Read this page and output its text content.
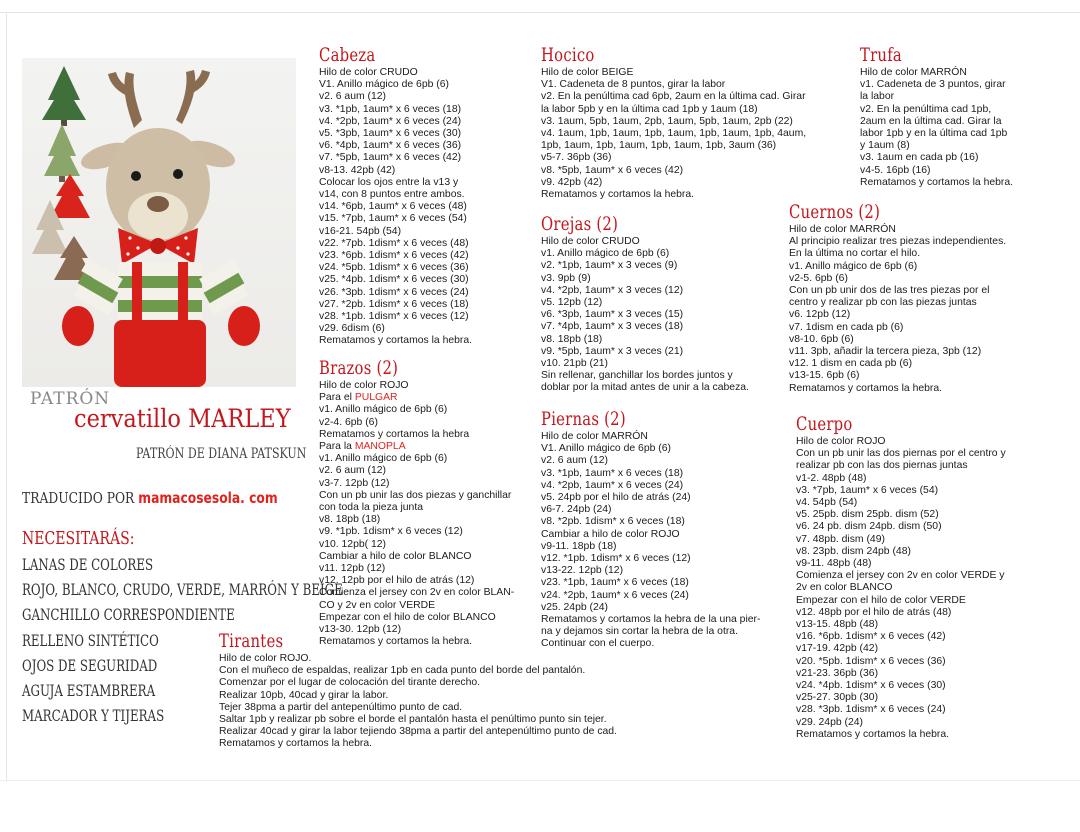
PATRÓN
cervatillo MARLEY
PATRÓN DE DIANA PATSKUN
TRADUCIDO POR mamacosesola. com
NECESITARÁS:
LANAS DE COLORES
ROJO, BLANCO, CRUDO, VERDE, MARRÓN Y BEIGE
GANCHILLO CORRESPONDIENTE
RELLENO SINTÉTICO
OJOS DE SEGURIDAD
AGUJA ESTAMBRERA
MARCADOR Y TIJERAS
Cabeza
Hilo de color CRUDO
V1. Anillo mágico de 6pb (6)
v2. 6 aum (12)
v3. *1pb, 1aum* x 6 veces (18)
v4. *2pb, 1aum* x 6 veces (24)
v5. *3pb, 1aum* x 6 veces (30)
v6. *4pb, 1aum* x 6 veces (36)
v7. *5pb, 1aum* x 6 veces (42)
v8-13. 42pb (42)
Colocar los ojos entre la v13 y
v14, con 8 puntos entre ambos.
v14. *6pb, 1aum* x 6 veces (48)
v15. *7pb, 1aum* x 6 veces (54)
v16-21. 54pb (54)
v22. *7pb. 1dism* x 6 veces (48)
v23. *6pb. 1dism* x 6 veces (42)
v24. *5pb. 1dism* x 6 veces (36)
v25. *4pb. 1dism* x 6 veces (30)
v26. *3pb. 1dism* x 6 veces (24)
v27. *2pb. 1dism* x 6 veces (18)
v28. *1pb. 1dism* x 6 veces (12)
v29. 6dism (6)
Rematamos y cortamos la hebra.
Brazos (2)
Hilo de color ROJO
Para el PULGAR
v1. Anillo mágico de 6pb (6)
v2-4. 6pb (6)
Rematamos y cortamos la hebra
Para la MANOPLA
v1. Anillo mágico de 6pb (6)
v2. 6 aum (12)
v3-7. 12pb (12)
Con un pb unir las dos piezas y ganchillar
con toda la pieza junta
v8. 18pb (18)
v9. *1pb. 1dism* x 6 veces (12)
v10. 12pb( 12)
Cambiar a hilo de color BLANCO
v11. 12pb (12)
v12. 12pb por el hilo de atrás (12)
Comienza el jersey con 2v en color BLAN-
CO y 2v en color VERDE
Empezar con el hilo de color BLANCO
v13-30. 12pb (12)
Rematamos y cortamos la hebra.
Tirantes
Hilo de color ROJO.
Con el muñeco de espaldas, realizar 1pb en cada punto del borde del pantalón.
Comenzar por el lugar de colocación del tirante derecho.
Realizar 10pb, 40cad y girar la labor.
Tejer 38pma a partir del antepenúltimo punto de cad.
Saltar 1pb y realizar pb sobre el borde el pantalón hasta el penúltimo punto sin tejer.
Realizar 40cad y girar la labor tejiendo 38pma a partir del antepenúltimo punto de cad.
Rematamos y cortamos la hebra.
Hocico
Hilo de color BEIGE
V1. Cadeneta de 8 puntos, girar la labor
v2. En la penúltima cad 6pb, 2aum en la última cad. Girar
la labor 5pb y en la última cad 1pb y 1aum (18)
v3. 1aum, 5pb, 1aum, 2pb, 1aum, 5pb, 1aum, 2pb (22)
v4. 1aum, 1pb, 1aum, 1pb, 1aum, 1pb, 1aum, 1pb, 4aum,
1pb, 1aum, 1pb, 1aum, 1pb, 1aum, 1pb, 3aum (36)
v5-7. 36pb (36)
v8. *5pb, 1aum* x 6 veces (42)
v9. 42pb (42)
Rematamos y cortamos la hebra.
Orejas (2)
Hilo de color CRUDO
v1. Anillo mágico de 6pb (6)
v2. *1pb, 1aum* x 3 veces (9)
v3. 9pb (9)
v4. *2pb, 1aum* x 3 veces (12)
v5. 12pb (12)
v6. *3pb, 1aum* x 3 veces (15)
v7. *4pb, 1aum* x 3 veces (18)
v8. 18pb (18)
v9. *5pb, 1aum* x 3 veces (21)
v10. 21pb (21)
Sin rellenar, ganchillar los bordes juntos y
doblar por la mitad antes de unir a la cabeza.
Piernas (2)
Hilo de color MARRÓN
V1. Anillo mágico de 6pb (6)
v2. 6 aum (12)
v3. *1pb, 1aum* x 6 veces (18)
v4. *2pb, 1aum* x 6 veces (24)
v5. 24pb por el hilo de atrás (24)
v6-7. 24pb (24)
v8. *2pb. 1dism* x 6 veces (18)
Cambiar a hilo de color ROJO
v9-11. 18pb (18)
v12. *1pb. 1dism* x 6 veces (12)
v13-22. 12pb (12)
v23. *1pb, 1aum* x 6 veces (18)
v24. *2pb, 1aum* x 6 veces (24)
v25. 24pb (24)
Rematamos y cortamos la hebra de la una pier-
na y dejamos sin cortar la hebra de la otra.
Continuar con el cuerpo.
Trufa
Hilo de color MARRÓN
v1. Cadeneta de 3 puntos, girar
la labor
v2. En la penúltima cad 1pb,
2aum en la última cad. Girar la
labor 1pb y en la última cad 1pb
y 1aum (8)
v3. 1aum en cada pb (16)
v4-5. 16pb (16)
Rematamos y cortamos la hebra.
Cuernos (2)
Hilo de color MARRÓN
Al principio realizar tres piezas independientes.
En la última no cortar el hilo.
v1. Anillo mágico de 6pb (6)
v2-5. 6pb (6)
Con un pb unir dos de las tres piezas por el
centro y realizar pb con las piezas juntas
v6. 12pb (12)
v7. 1dism en cada pb (6)
v8-10. 6pb (6)
v11. 3pb, añadir la tercera pieza, 3pb (12)
v12. 1 dism en cada pb (6)
v13-15. 6pb (6)
Rematamos y cortamos la hebra.
Cuerpo
Hilo de color ROJO
Con un pb unir las dos piernas por el centro y
realizar pb con las dos piernas juntas
v1-2. 48pb (48)
v3. *7pb, 1aum* x 6 veces (54)
v4. 54pb (54)
v5. 25pb. dism 25pb. dism (52)
v6. 24 pb. dism 24pb. dism (50)
v7. 48pb. dism (49)
v8. 23pb. dism 24pb (48)
v9-11. 48pb (48)
Comienza el jersey con 2v en color VERDE y
2v en color BLANCO
Empezar con el hilo de color VERDE
v12. 48pb por el hilo de atrás (48)
v13-15. 48pb (48)
v16. *6pb. 1dism* x 6 veces (42)
v17-19. 42pb (42)
v20. *5pb. 1dism* x 6 veces (36)
v21-23. 36pb (36)
v24. *4pb. 1dism* x 6 veces (30)
v25-27. 30pb (30)
v28. *3pb. 1dism* x 6 veces (24)
v29. 24pb (24)
Rematamos y cortamos la hebra.
